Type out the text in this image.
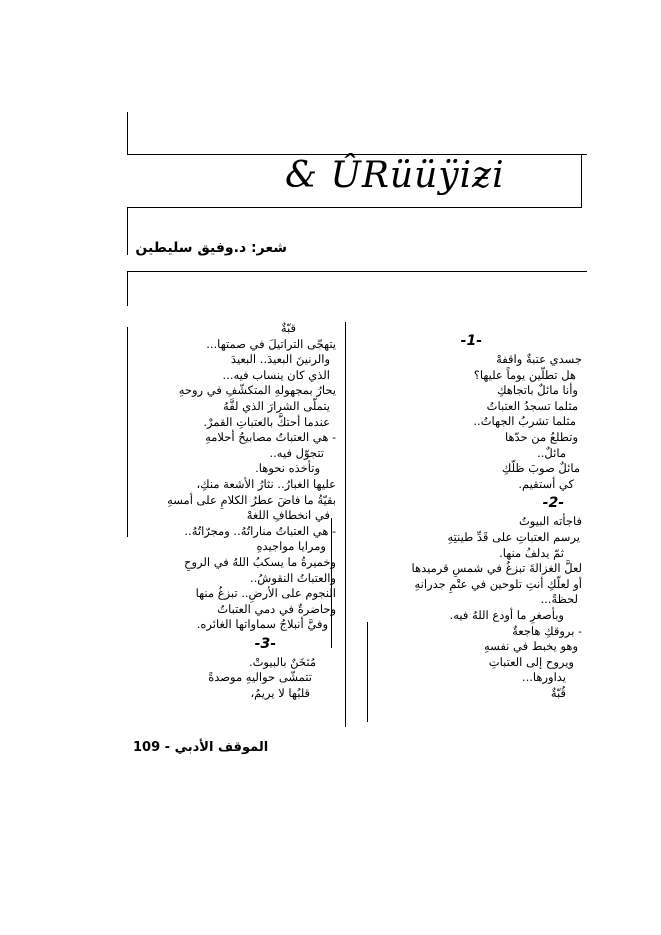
& ÛRüüÿiƶi
شعر: د.وفيق سليطين
-1-
جسدي عتبةٌ واقفهْ
هل تطلّين يوماً عليها؟
وأنا مائلٌ باتجاهكِ
مثلما تسجدُ العتباتُ
مثلما تشربُ الجهاتُ..
وتطلعُ من حدّها
مائلٌ..
مائلٌ صوبَ ظلّكِ
كي أستقيم.
-2-
فاجأته البيوتُ
يرسم العتباتِ على قَدِّ طينتِهِ
ثمّ يدلفُ منها.
لعلَّ الغزالةَ تبزغُ في شمسِ قرميدها
أو لعلّكِ أنتِ تلوحين في عتْمِ جدرانهِ
لحظةً...
وبأصغرِ ما أودع اللهُ فيه.
- بروقكِ هاجعةٌ
وهو يخبط في نفسهِ
ويروح إلى العتباتِ
يداورها...
قُبّةٌ
قبّةٌ
يتهجّى التراتيلَ في صمتها...
والرنينَ البعيدَ.. البعيدَ
الذي كان ينساب فيه...
يحارُ بمجهولهِ المتكشّفِ في روحهِ
يتملّى الشرارَ الذي لفَّهُ
عندما أحتكَّ بالعتباتِ القمرْ.
- هي العتباتُ مصابيحُ أحلامهِ
تتجوّل فيه..
وتأخذه نحوها.
عليها الغبارُ.. نثارُ الأشعة منكِ،
بقيّةُ ما فاضَ عطرُ الكلامِ على أمسهِ
في انخطافِ اللغهْ
- هي العتباتُ مناراتُهُ.. ومجرّاتُهُ..
ومرايا مواجيدهِ
وخميرةُ ما يسكبُ اللهُ في الروحِ
والعتباتُ النقوشُ..
النجوم على الأرضِ.. تبزغُ منها
وحاضرةٌ في دمي العتباتُ
وفيَّ أنبلاجُ سماواتها الغائره.
-3-
مُثخَنٌ بالبيوتْ.
تتمشّى حواليهِ موصدةً
قلبُها لا يريمُ،
الموقف الأدبي - 109
